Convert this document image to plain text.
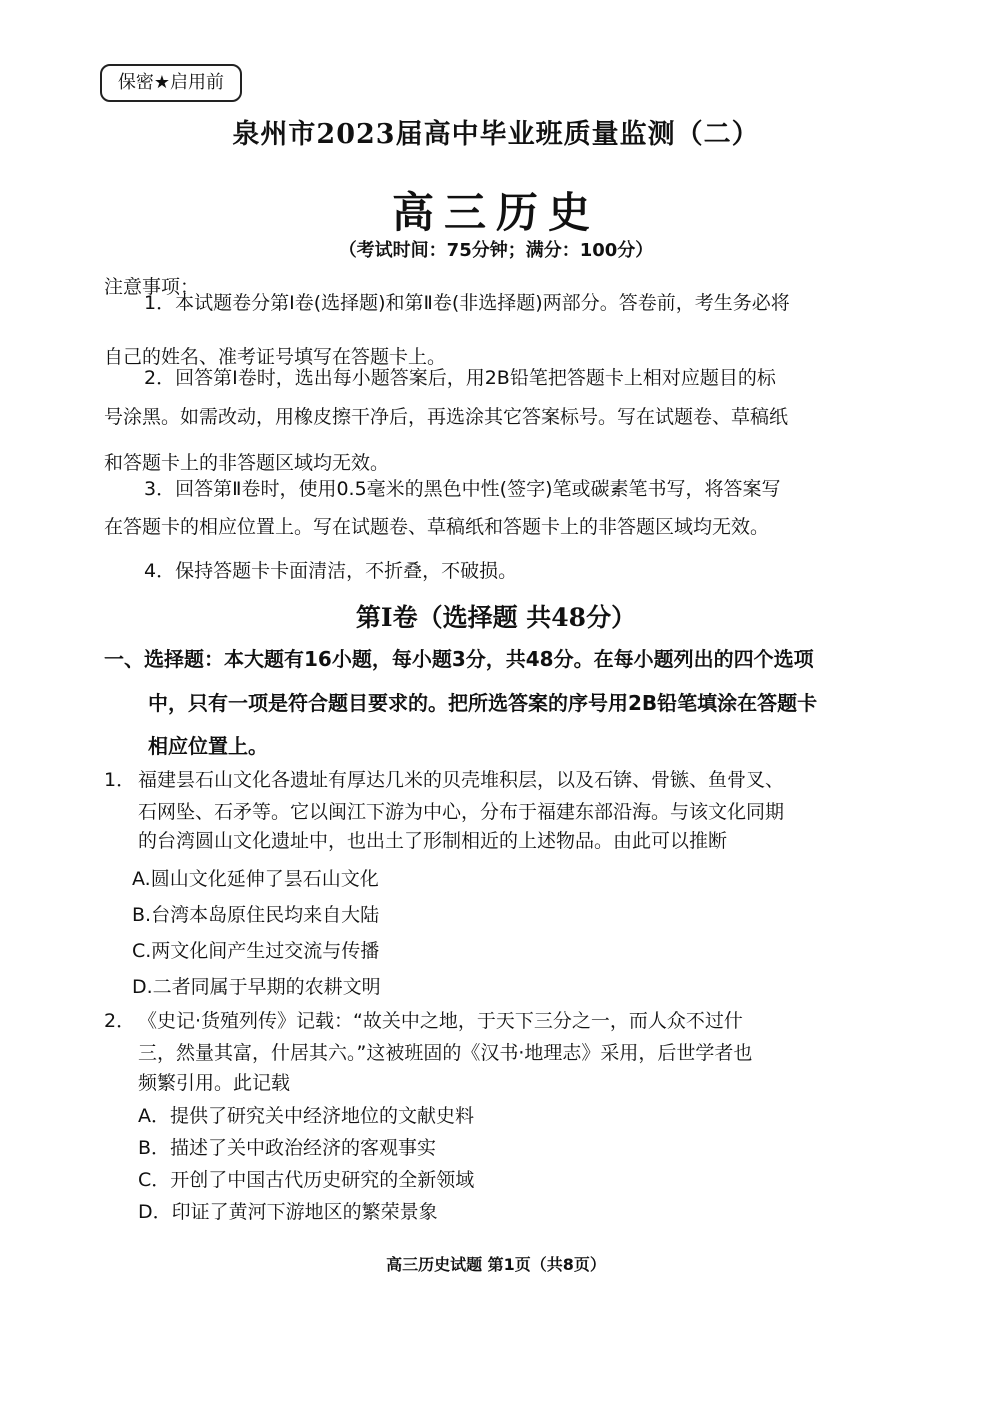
保密★启用前
泉州市2023届高中毕业班质量监测（二）
高三历史
（考试时间：75分钟；满分：100分）
注意事项：
1．本试题卷分第Ⅰ卷(选择题)和第Ⅱ卷(非选择题)两部分。答卷前，考生务必将
自己的姓名、准考证号填写在答题卡上。
2．回答第Ⅰ卷时，选出每小题答案后，用2B铅笔把答题卡上相对应题目的标
号涂黑。如需改动，用橡皮擦干净后，再选涂其它答案标号。写在试题卷、草稿纸
和答题卡上的非答题区域均无效。
3．回答第Ⅱ卷时，使用0.5毫米的黑色中性(签字)笔或碳素笔书写，将答案写
在答题卡的相应位置上。写在试题卷、草稿纸和答题卡上的非答题区域均无效。
4．保持答题卡卡面清洁，不折叠，不破损。
第Ⅰ卷（选择题 共48分）
一、选择题：本大题有16小题，每小题3分，共48分。在每小题列出的四个选项
中，只有一项是符合题目要求的。把所选答案的序号用2B铅笔填涂在答题卡
相应位置上。
1． 福建昙石山文化各遗址有厚达几米的贝壳堆积层，以及石锛、骨镞、鱼骨叉、
石网坠、石矛等。它以闽江下游为中心，分布于福建东部沿海。与该文化同期
的台湾圆山文化遗址中，也出土了形制相近的上述物品。由此可以推断
A.圆山文化延伸了昙石山文化
B.台湾本岛原住民均来自大陆
C.两文化间产生过交流与传播
D.二者同属于早期的农耕文明
2． 《史记·货殖列传》记载：“故关中之地，于天下三分之一，而人众不过什
三，然量其富，什居其六。”这被班固的《汉书·地理志》采用，后世学者也
频繁引用。此记载
A．提供了研究关中经济地位的文献史料
B．描述了关中政治经济的客观事实
C．开创了中国古代历史研究的全新领域
D．印证了黄河下游地区的繁荣景象
高三历史试题 第1页（共8页）
